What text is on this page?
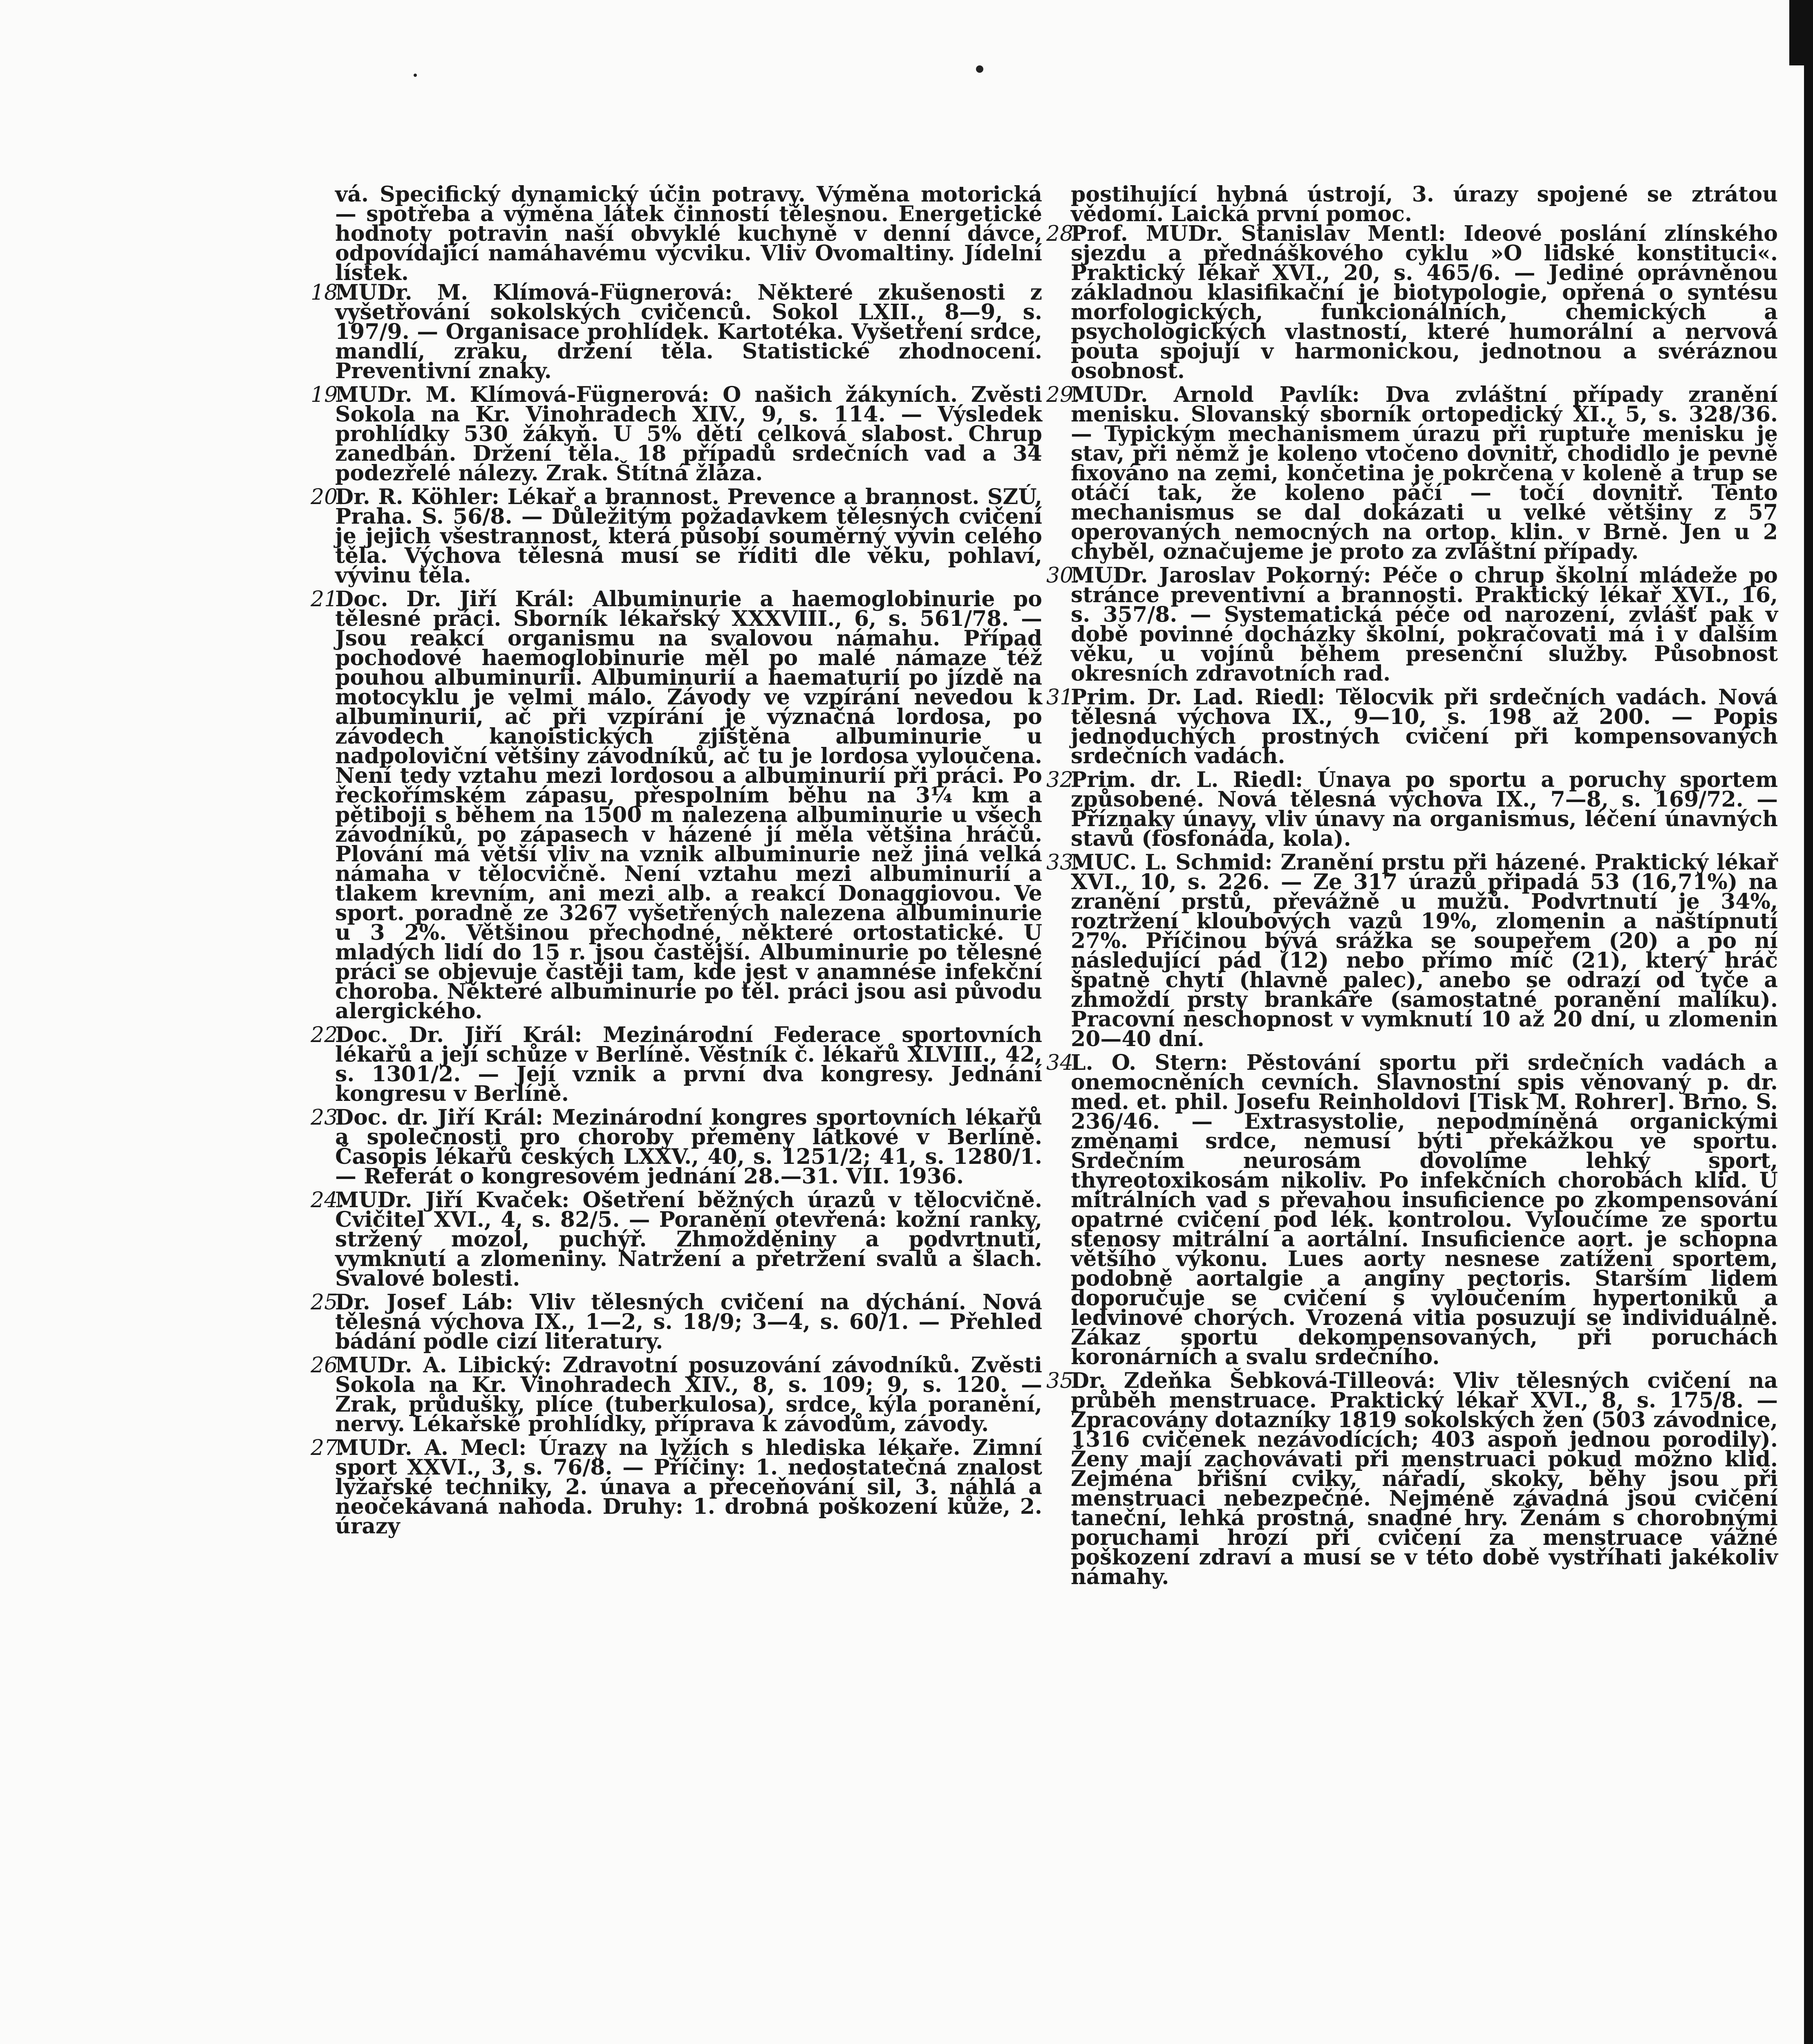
vá. Specifický dynamický účin potravy. Výměna motorická — spotřeba a výměna látek činností tělesnou. Energetické hodnoty potravin naší obvyklé kuchyně v denní dávce, odpovídající namáhavému výcviku. Vliv Ovomaltiny. Jídelní lístek.

18.MUDr. M. Klímová-Fügnerová: Některé zkušenosti z vyšetřování sokolských cvičenců. Sokol LXII., 8—9, s. 197/9. — Organisace prohlídek. Kartotéka. Vyšetření srdce, mandlí, zraku, držení těla. Statistické zhodnocení. Preventivní znaky.

19.MUDr. M. Klímová-Fügnerová: O našich žákyních. Zvěsti Sokola na Kr. Vinohradech XIV., 9, s. 114. — Výsledek prohlídky 530 žákyň. U 5% dětí celková slabost. Chrup zanedbán. Držení těla. 18 případů srdečních vad a 34 podezřelé nálezy. Zrak. Štítná žláza.

20.Dr. R. Köhler: Lékař a brannost. Prevence a brannost. SZÚ, Praha. S. 56/8. — Důležitým požadavkem tělesných cvičení je jejich všestrannost, která působí souměrný vývin celého těla. Výchova tělesná musí se říditi dle věku, pohlaví, vývinu těla.

21.Doc. Dr. Jiří Král: Albuminurie a haemoglobinurie po tělesné práci. Sborník lékařský XXXVIII., 6, s. 561/78. — Jsou reakcí organismu na svalovou námahu. Případ pochodové haemoglobinurie měl po malé námaze též pouhou albuminurii. Albuminurií a haematurií po jízdě na motocyklu je velmi málo. Závody ve vzpírání nevedou k albuminurii, ač při vzpírání je význačná lordosa, po závodech kanoistických zjištěna albuminurie u nadpoloviční většiny závodníků, ač tu je lordosa vyloučena. Není tedy vztahu mezi lordosou a albuminurií při práci. Po řeckořímském zápasu, přespolním běhu na 3¼ km a pětiboji s během na 1500 m nalezena albuminurie u všech závodníků, po zápasech v házené jí měla většina hráčů. Plování má větší vliv na vznik albuminurie než jiná velká námaha v tělocvičně. Není vztahu mezi albuminurií a tlakem krevním, ani mezi alb. a reakcí Donaggiovou. Ve sport. poradně ze 3267 vyšetřených nalezena albuminurie u 3 2%. Většinou přechodné, některé ortostatické. U mladých lidí do 15 r. jsou častější. Albuminurie po tělesné práci se objevuje častěji tam, kde jest v anamnése infekční choroba. Některé albuminurie po těl. práci jsou asi původu alergického.

22.Doc. Dr. Jiří Král: Mezinárodní Federace sportovních lékařů a její schůze v Berlíně. Věstník č. lékařů XLVIII., 42, s. 1301/2. — Její vznik a první dva kongresy. Jednání kongresu v Berlíně.

23.Doc. dr. Jiří Král: Mezinárodní kongres sportovních lékařů a společnosti pro choroby přeměny látkové v Berlíně. Časopis lékařů českých LXXV., 40, s. 1251/2; 41, s. 1280/1. — Referát o kongresovém jednání 28.—31. VII. 1936.

24.MUDr. Jiří Kvaček: Ošetření běžných úrazů v tělocvičně. Cvičitel XVI., 4, s. 82/5. — Poranění otevřená: kožní ranky, stržený mozol, puchýř. Zhmožděniny a podvrtnutí, vymknutí a zlomeniny. Natržení a přetržení svalů a šlach. Svalové bolesti.

25.Dr. Josef Láb: Vliv tělesných cvičení na dýchání. Nová tělesná výchova IX., 1—2, s. 18/9; 3—4, s. 60/1. — Přehled bádání podle cizí literatury.

26.MUDr. A. Libický: Zdravotní posuzování závodníků. Zvěsti Sokola na Kr. Vinohradech XIV., 8, s. 109; 9, s. 120. — Zrak, průdušky, plíce (tuberkulosa), srdce, kýla poranění, nervy. Lékařské prohlídky, příprava k závodům, závody.

27.MUDr. A. Mecl: Úrazy na lyžích s hlediska lékaře. Zimní sport XXVI., 3, s. 76/8. — Příčiny: 1. nedostatečná znalost lyžařské techniky, 2. únava a přeceňování sil, 3. náhlá a neočekávaná nahoda. Druhy: 1. drobná poškození kůže, 2. úrazy

postihující hybná ústrojí, 3. úrazy spojené se ztrátou vědomí. Laická první pomoc.

28.Prof. MUDr. Stanislav Mentl: Ideové poslání zlínského sjezdu a přednáškového cyklu »O lidské konstituci«. Praktický lékař XVI., 20, s. 465/6. — Jediné oprávněnou základnou klasifikační je biotypologie, opřená o syntésu morfologických, funkcionálních, chemických a psychologických vlastností, které humorální a nervová pouta spojují v harmonickou, jednotnou a svéráznou osobnost.

29.MUDr. Arnold Pavlík: Dva zvláštní případy zranění menisku. Slovanský sborník ortopedický XI., 5, s. 328/36. — Typickým mechanismem úrazu při ruptuře menisku je stav, při němž je koleno vtočeno dovnitř, chodidlo je pevně fixováno na zemi, končetina je pokrčena v koleně a trup se otáčí tak, že koleno páčí — točí dovnitř. Tento mechanismus se dal dokázati u velké většiny z 57 operovaných nemocných na ortop. klin. v Brně. Jen u 2 chyběl, označujeme je proto za zvláštní případy.

30.MUDr. Jaroslav Pokorný: Péče o chrup školní mládeže po stránce preventivní a brannosti. Praktický lékař XVI., 16, s. 357/8. — Systematická péče od narození, zvlášť pak v době povinné docházky školní, pokračovati má i v dalším věku, u vojínů během presenční služby. Působnost okresních zdravotních rad.

31.Prim. Dr. Lad. Riedl: Tělocvik při srdečních vadách. Nová tělesná výchova IX., 9—10, s. 198 až 200. — Popis jednoduchých prostných cvičení při kompensovaných srdečních vadách.

32.Prim. dr. L. Riedl: Únava po sportu a poruchy sportem způsobené. Nová tělesná výchova IX., 7—8, s. 169/72. — Příznaky únavy, vliv únavy na organismus, léčení únavných stavů (fosfonáda, kola).

33.MUC. L. Schmid: Zranění prstu při házené. Praktický lékař XVI., 10, s. 226. — Ze 317 úrazů připadá 53 (16,71%) na zranění prstů, převážně u mužů. Podvrtnutí je 34%, roztržení kloubových vazů 19%, zlomenin a naštípnutí 27%. Příčinou bývá srážka se soupeřem (20) a po ní následující pád (12) nebo přímo míč (21), který hráč špatně chytí (hlavně palec), anebo se odrazí od tyče a zhmoždí prsty brankáře (samostatné poranění malíku). Pracovní neschopnost v vymknutí 10 až 20 dní, u zlomenin 20—40 dní.

34.L. O. Stern: Pěstování sportu při srdečních vadách a onemocněních cevních. Slavnostní spis věnovaný p. dr. med. et. phil. Josefu Reinholdovi [Tisk M. Rohrer]. Brno. S. 236/46. — Extrasystolie, nepodmíněná organickými změnami srdce, nemusí býti překážkou ve sportu. Srdečním neurosám dovolíme lehký sport, thyreotoxikosám nikoliv. Po infekčních chorobách klid. U mitrálních vad s převahou insuficience po zkompensování opatrné cvičení pod lék. kontrolou. Vyloučíme ze sportu stenosy mitrální a aortální. Insuficience aort. je schopna většího výkonu. Lues aorty nesnese zatížení sportem, podobně aortalgie a anginy pectoris. Starším lidem doporučuje se cvičení s vyloučením hypertoniků a ledvinové chorých. Vrozená vitia posuzují se individuálně. Zákaz sportu dekompensovaných, při poruchách koronárních a svalu srdečního.

35.Dr. Zdeňka Šebková-Tilleová: Vliv tělesných cvičení na průběh menstruace. Praktický lékař XVI., 8, s. 175/8. — Zpracovány dotazníky 1819 sokolských žen (503 závodnice, 1316 cvičenek nezávodících; 403 aspoň jednou porodily). Ženy mají zachovávati při menstruaci pokud možno klid. Zejména břišní cviky, nářadí, skoky, běhy jsou při menstruaci nebezpečné. Nejméně závadná jsou cvičení taneční, lehká prostná, snadné hry. Ženám s chorobnými poruchami hrozí při cvičení za menstruace vážné poškození zdraví a musí se v této době vystříhati jakékoliv námahy.
